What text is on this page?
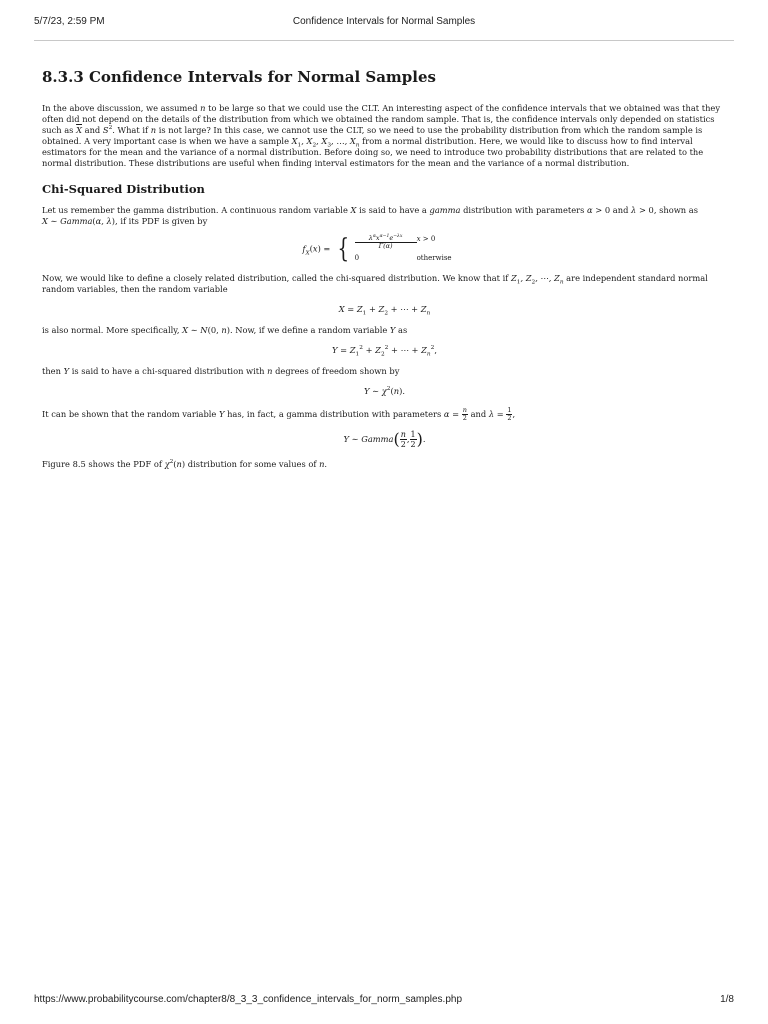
5/7/23, 2:59 PM	Confidence Intervals for Normal Samples
8.3.3 Confidence Intervals for Normal Samples

In the above discussion, we assumed n to be large so that we could use the CLT. An interesting aspect of the confidence intervals that we obtained was that they often did not depend on the details of the distribution from which we obtained the random sample. That is, the confidence intervals only depended on statistics such as $\overline{X}$ and $S^2$. What if n is not large? In this case, we cannot use the CLT, so we need to use the probability distribution from which the random sample is obtained. A very important case is when we have a sample $X_1$, $X_2$, $X_3$, …, $X_n$ from a normal distribution. Here, we would like to discuss how to find interval estimators for the mean and the variance of a normal distribution. Before doing so, we need to introduce two probability distributions that are related to the normal distribution. These distributions are useful when finding interval estimators for the mean and the variance of a normal distribution.

Chi-Squared Distribution

Let us remember the gamma distribution. A continuous random variable X is said to have a gamma distribution with parameters α > 0 and λ > 0, shown as
X ∼ Gamma(α, λ), if its PDF is given by

$f_X(x)$ = { $\frac{\lambda^\alpha x^{\alpha-1}e^{-\lambda x}}{\Gamma(\alpha)}$ x > 0
0	otherwise

Now, we would like to define a closely related distribution, called the chi-squared distribution. We know that if $Z_1$, $Z_2$, ⋯, $Z_n$ are independent standard normal random variables, then the random variable

$X = Z_1 + Z_2$ + ⋯ + $Z_n$

is also normal. More specifically, X ∼ N(0, n). Now, if we define a random variable Y as

$Y = Z_1^2 + Z_2^2$ + ⋯ + $Z_n^2$,

then Y is said to have a chi-squared distribution with n degrees of freedom shown by

Y ∼ $\chi^2(n)$.

It can be shown that the random variable Y has, in fact, a gamma distribution with parameters $\alpha = \frac{n}{2}$ and $\lambda = \frac{1}{2}$ ,

Y ∼ Gamma( $\frac{n}{2}$ , $\frac{1}{2}$ ).

Figure 8.5 shows the PDF of $\chi^2(n)$ distribution for some values of n.

https://www.probabilitycourse.com/chapter8/8_3_3_confidence_intervals_for_norm_samples.php	1/8
